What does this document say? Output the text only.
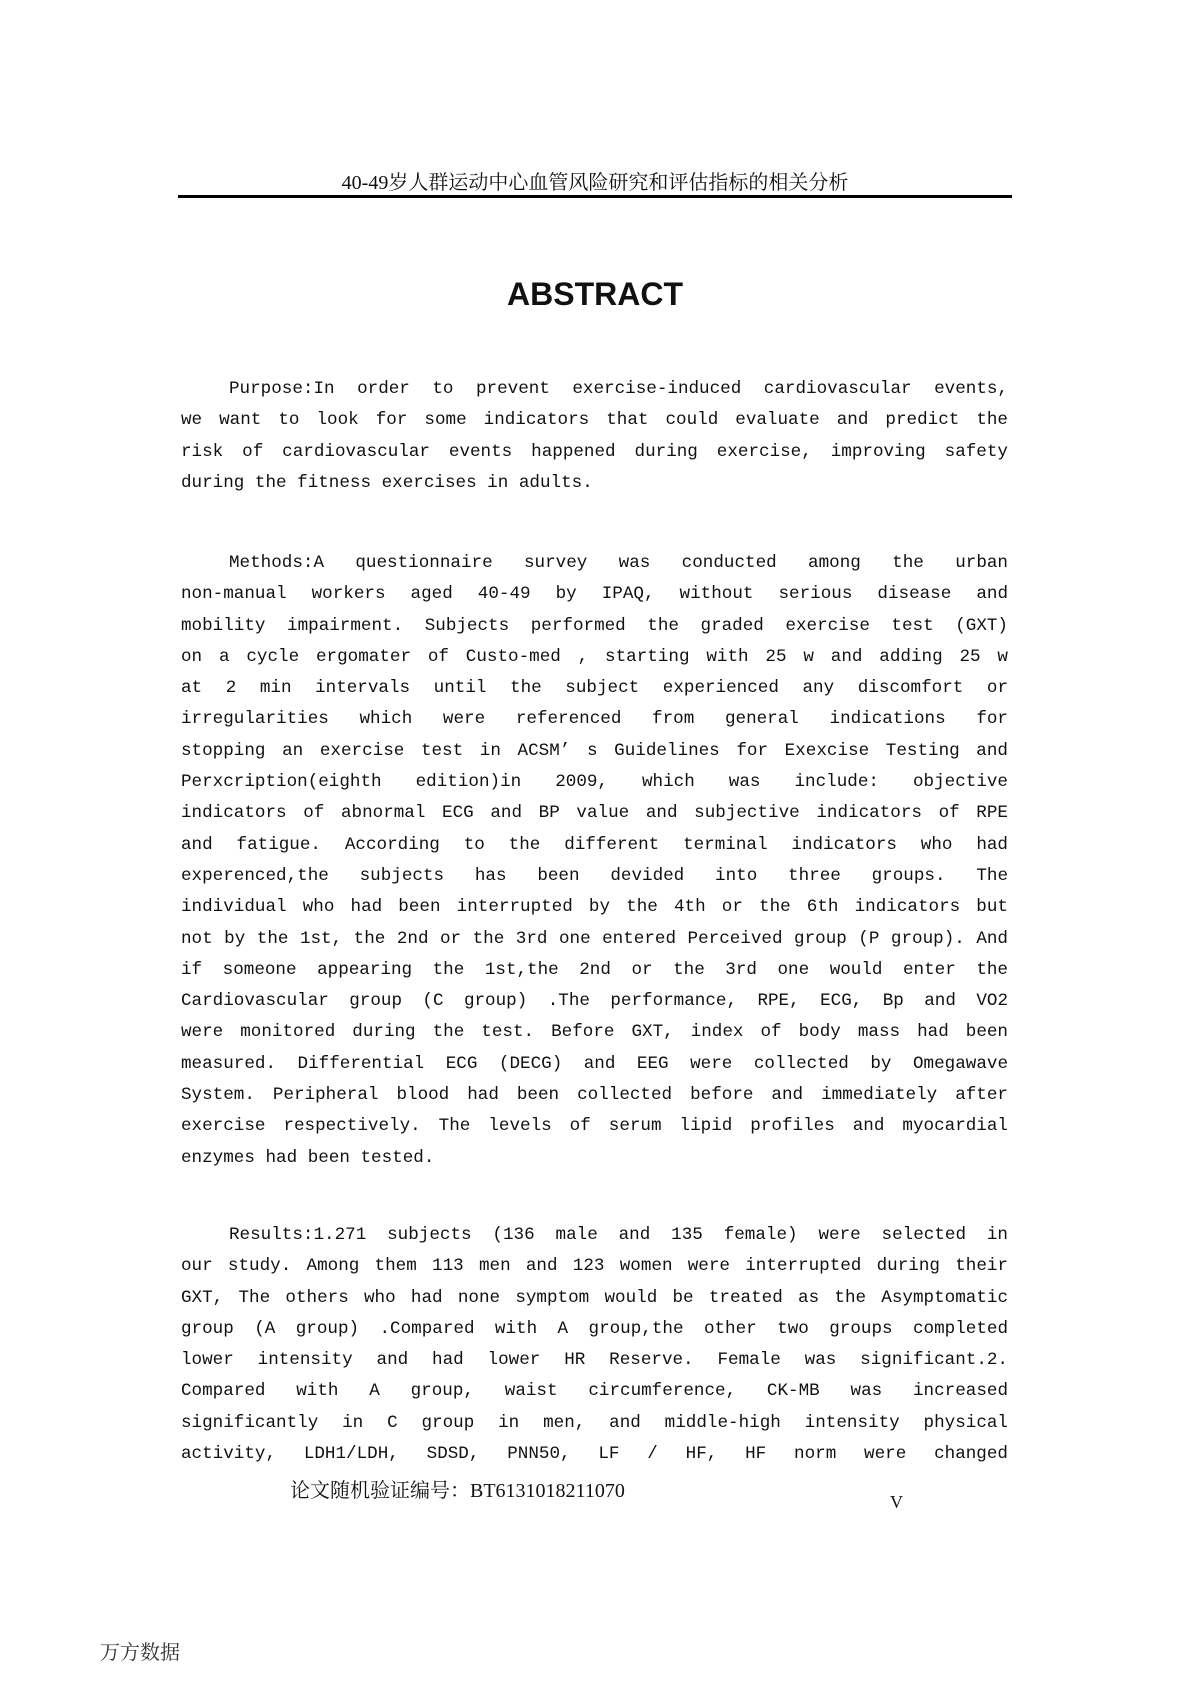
40-49岁人群运动中心血管风险研究和评估指标的相关分析
ABSTRACT
Purpose:In order to prevent exercise-induced cardiovascular events,
we want to look for some indicators that could evaluate and predict the
risk of cardiovascular events happened during exercise, improving safety
during the fitness exercises in adults.
Methods:A questionnaire survey was conducted among the urban
non-manual workers aged 40-49 by IPAQ, without serious disease and
mobility impairment. Subjects performed the graded exercise test (GXT)
on a cycle ergomater of Custo-med , starting with 25 w and adding 25 w
at 2 min intervals until the subject experienced any discomfort or
irregularities which were referenced from general indications for
stopping an exercise test in ACSM’ s Guidelines for Exexcise Testing and
Perxcription(eighth edition)in 2009, which was include: objective
indicators of abnormal ECG and BP value and subjective indicators of RPE
and fatigue. According to the different terminal indicators who had
experenced,the subjects has been devided into three groups. The
individual who had been interrupted by the 4th or the 6th indicators but
not by the 1st, the 2nd or the 3rd one entered Perceived group (P group). And
if someone appearing the 1st,the 2nd or the 3rd one would enter the
Cardiovascular group (C group) .The performance, RPE, ECG, Bp and VO2
were monitored during the test. Before GXT, index of body mass had been
measured. Differential ECG (DECG) and EEG were collected by Omegawave
System. Peripheral blood had been collected before and immediately after
exercise respectively. The levels of serum lipid profiles and myocardial
enzymes had been tested.
Results:1.271 subjects (136 male and 135 female) were selected in
our study. Among them 113 men and 123 women were interrupted during their
GXT, The others who had none symptom would be treated as the Asymptomatic
group (A group) .Compared with A group,the other two groups completed
lower intensity and had lower HR Reserve. Female was significant.2.
Compared with A group, waist circumference, CK-MB was increased
significantly in C group in men, and middle-high intensity physical
activity, LDH1/LDH, SDSD, PNN50, LF / HF, HF norm were changed
论文随机验证编号：BT6131018211070	V
万方数据
